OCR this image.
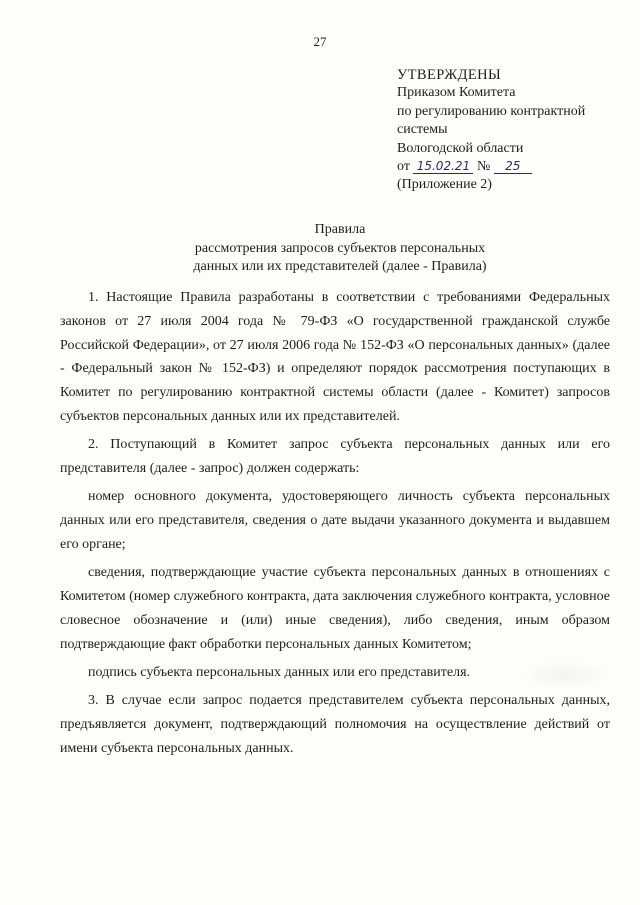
27
УТВЕРЖДЕНЫ
Приказом Комитета
по регулированию контрактной
системы
Вологодской области
от 15.02.21 № 25
(Приложение 2)
Правила
рассмотрения запросов субъектов персональных
данных или их представителей (далее - Правила)

1. Настоящие Правила разработаны в соответствии с требованиями Федеральных законов от 27 июля 2004 года № 79-ФЗ «О государственной гражданской службе Российской Федерации», от 27 июля 2006 года № 152-ФЗ «О персональных данных» (далее - Федеральный закон № 152-ФЗ) и определяют порядок рассмотрения поступающих в Комитет по регулированию контрактной системы области (далее - Комитет) запросов субъектов персональных данных или их представителей.

2. Поступающий в Комитет запрос субъекта персональных данных или его представителя (далее - запрос) должен содержать:

номер основного документа, удостоверяющего личность субъекта персональных данных или его представителя, сведения о дате выдачи указанного документа и выдавшем его органе;

сведения, подтверждающие участие субъекта персональных данных в отношениях с Комитетом (номер служебного контракта, дата заключения служебного контракта, условное словесное обозначение и (или) иные сведения), либо сведения, иным образом подтверждающие факт обработки персональных данных Комитетом;

подпись субъекта персональных данных или его представителя.

3. В случае если запрос подается представителем субъекта персональных данных, предъявляется документ, подтверждающий полномочия на осуществление действий от имени субъекта персональных данных.
